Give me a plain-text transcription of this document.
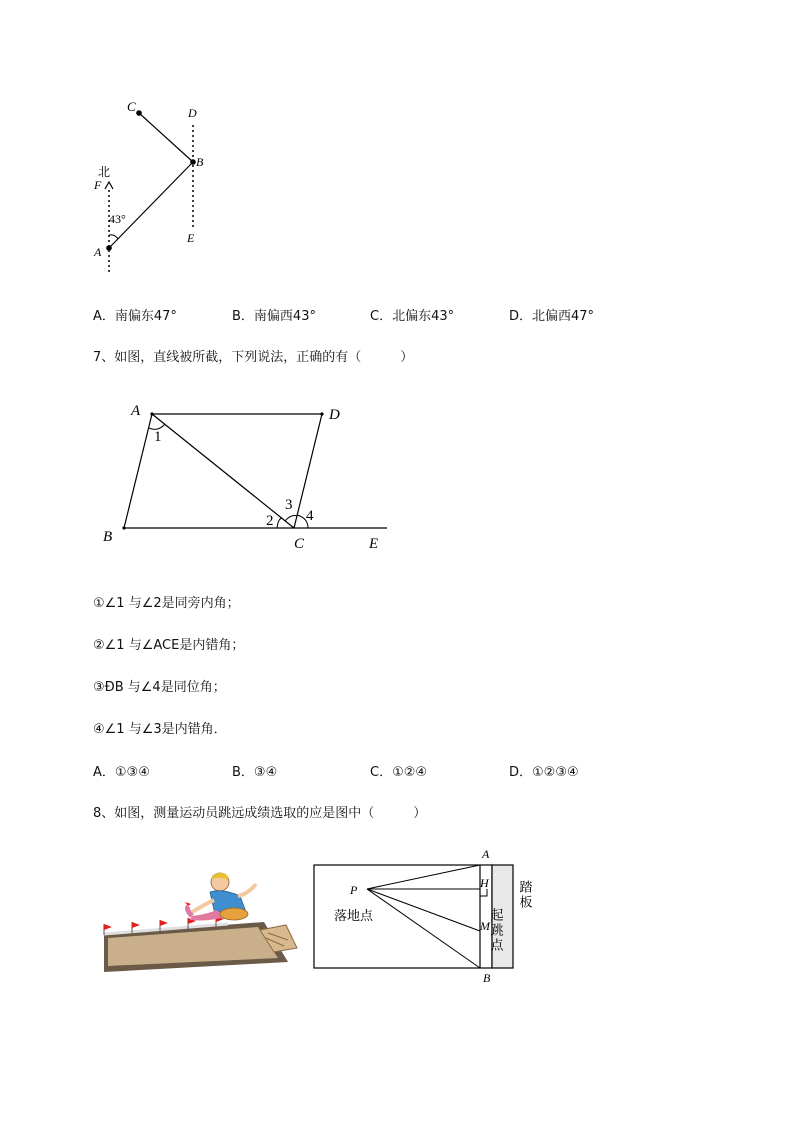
C	D
B
北
F
43°
E
A
A．南偏东47°	B．南偏西43°	C．北偏东43°	D．北偏西47°
7、如图，直线被所截，下列说法，正确的有（　　　）
A	D
1
3
4
2
B	C	E
①∠1 与∠2是同旁内角；
②∠1 与∠ACE是内错角；
③ÐB 与∠4是同位角；
④∠1 与∠3是内错角．
A．①③④	B．③④	C．①②④	D．①②③④
8、如图，测量运动员跳远成绩选取的应是图中（　　　）
A
H
P
M
B
落地点	起跳点
踏板
